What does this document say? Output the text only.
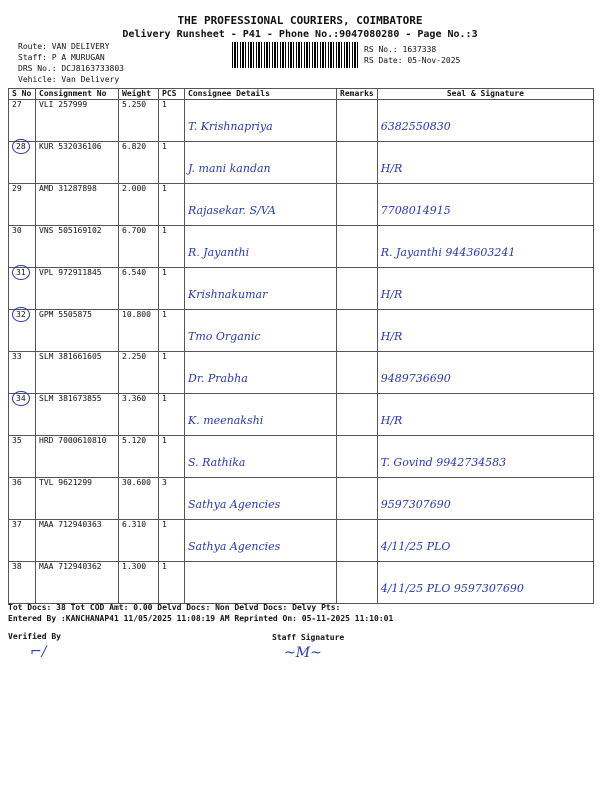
THE PROFESSIONAL COURIERS, COIMBATORE
Delivery Runsheet - P41 - Phone No.:9047080280 - Page No.:3
Route: VAN DELIVERY
Staff: P A MURUGAN
DRS No.: DCJ8163733803
Vehicle: Van Delivery
RS No.: 1637338
RS Date: 05-Nov-2025
S No	Consignment No	Weight	PCS	Consignee Details	Remarks	Seal & Signature
27	VLI 257999	5.250	1	T. Krishnapriya		6382550830
28	KUR 532036106	6.820	1	J. mani kandan		H/R
29	AMD 31287898	2.000	1	Rajasekar. S/VA		7708014915
30	VNS 505169102	6.700	1	R. Jayanthi		R. Jayanthi 9443603241
31	VPL 972911845	6.540	1	Krishnakumar		H/R
32	GPM 5505875	10.800	1	Tmo Organic		H/R
33	SLM 381661605	2.250	1	Dr. Prabha		9489736690
34	SLM 381673855	3.360	1	K. meenakshi		H/R
35	HRD 7000610810	5.120	1	S. Rathika		T. Govind 9942734583
36	TVL 9621299	30.600	3	Sathya Agencies		9597307690
37	MAA 712940363	6.310	1	Sathya Agencies		4/11/25 PLO
38	MAA 712940362	1.300	1			4/11/25 PLO 9597307690
Tot Docs: 38 Tot COD Amt: 0.00 Delvd Docs: Non Delvd Docs: Delvy Pts:
Entered By :KANCHANAP41 11/05/2025 11:08:19 AM Reprinted On: 05-11-2025 11:10:01
Verified By
⌐/
Staff Signature
~M~
